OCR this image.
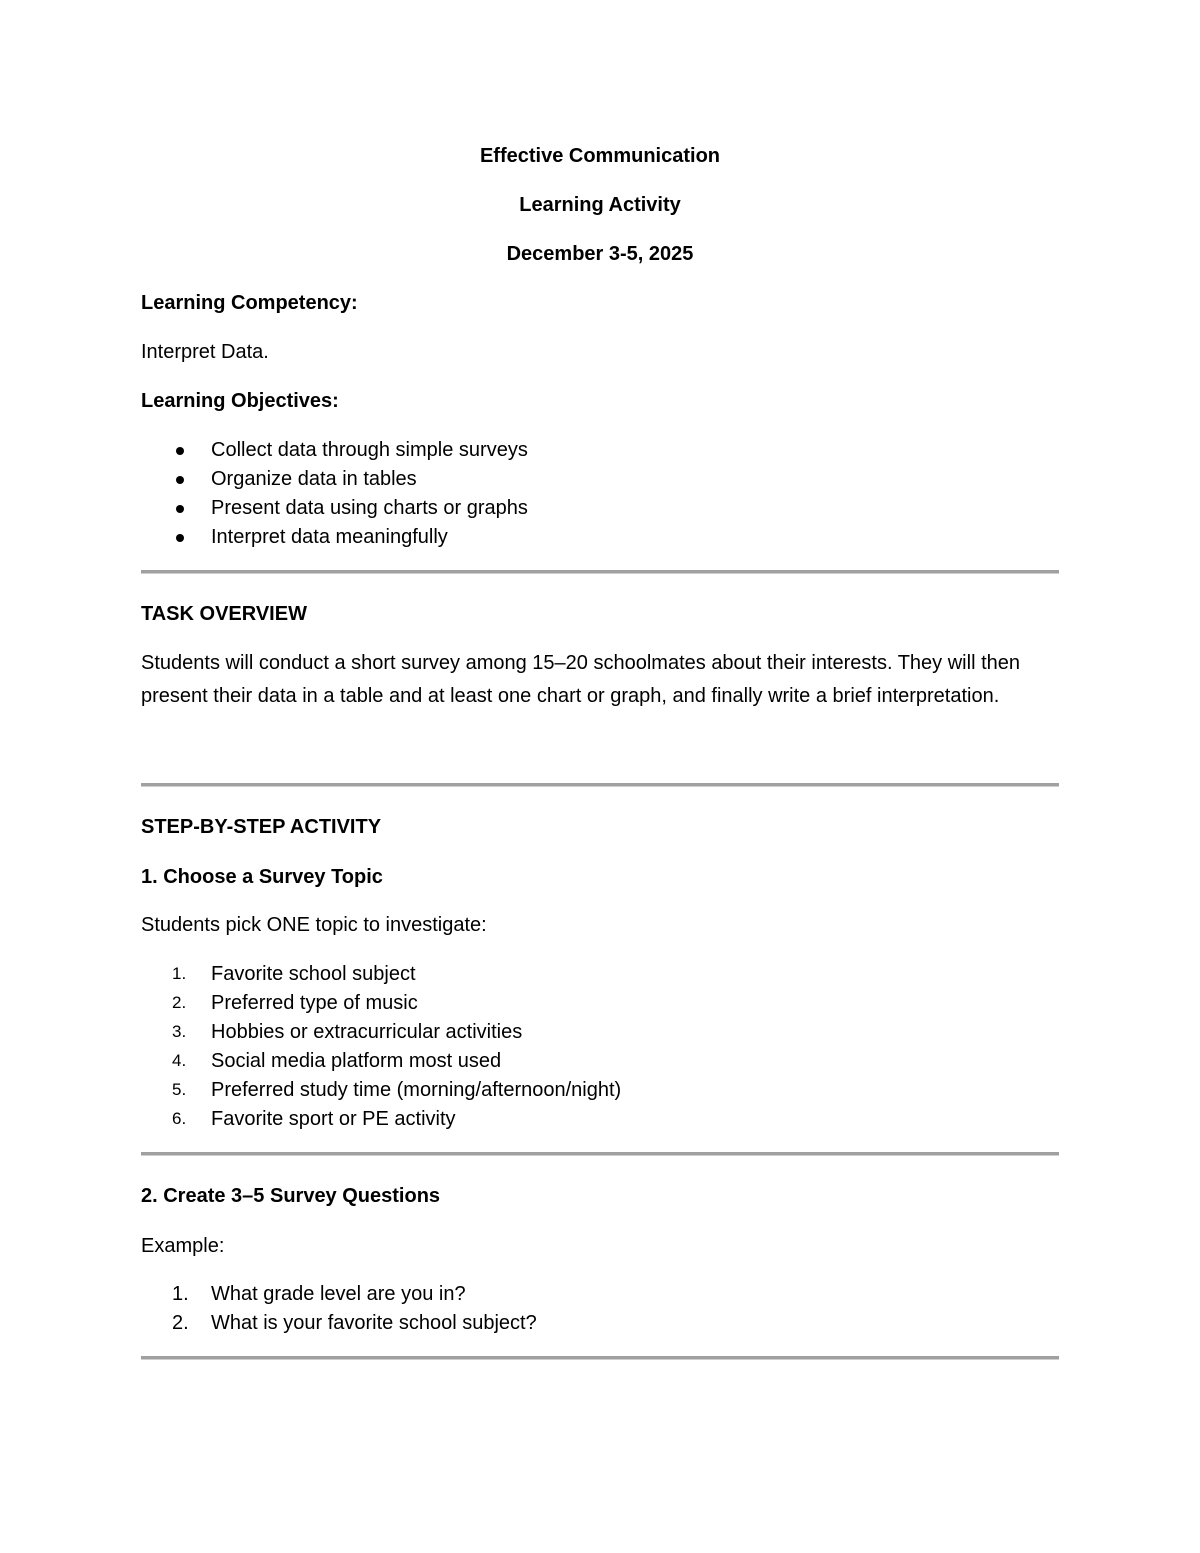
Effective Communication
Learning Activity
December 3-5, 2025
Learning Competency:
Interpret Data.
Learning Objectives:
Collect data through simple surveys
Organize data in tables
Present data using charts or graphs
Interpret data meaningfully
TASK OVERVIEW
Students will conduct a short survey among 15–20 schoolmates about their interests. They will then present their data in a table and at least one chart or graph, and finally write a brief interpretation.
STEP-BY-STEP ACTIVITY
1. Choose a Survey Topic
Students pick ONE topic to investigate:
1.	Favorite school subject
2.	Preferred type of music
3.	Hobbies or extracurricular activities
4.	Social media platform most used
5.	Preferred study time (morning/afternoon/night)
6.	Favorite sport or PE activity
2. Create 3–5 Survey Questions
Example:
1.	What grade level are you in?
2.	What is your favorite school subject?
